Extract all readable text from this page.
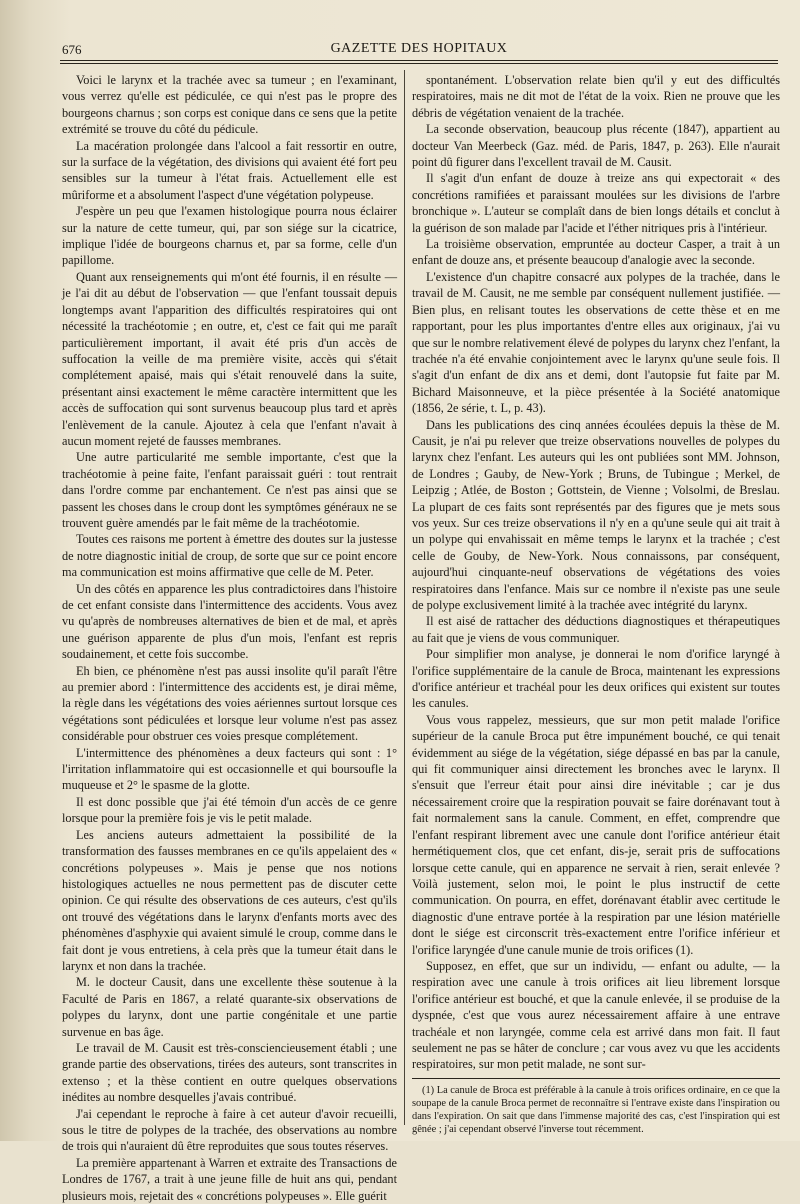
676	GAZETTE DES HOPITAUX

Voici le larynx et la trachée avec sa tumeur ; en l'examinant, vous verrez qu'elle est pédiculée, ce qui n'est pas le propre des bourgeons charnus ; son corps est conique dans ce sens que la petite extrémité se trouve du côté du pédicule.

La macération prolongée dans l'alcool a fait ressortir en outre, sur la surface de la végétation, des divisions qui avaient été fort peu sensibles sur la tumeur à l'état frais. Actuellement elle est mûriforme et a absolument l'aspect d'une végétation polypeuse.

J'espère un peu que l'examen histologique pourra nous éclairer sur la nature de cette tumeur, qui, par son siége sur la cicatrice, implique l'idée de bourgeons charnus et, par sa forme, celle d'un papillome.

Quant aux renseignements qui m'ont été fournis, il en résulte — je l'ai dit au début de l'observation — que l'enfant toussait depuis longtemps avant l'apparition des difficultés respiratoires qui ont nécessité la trachéotomie ; en outre, et, c'est ce fait qui me paraît particulièrement important, il avait été pris d'un accès de suffocation la veille de ma première visite, accès qui s'était complétement apaisé, mais qui s'était renouvelé dans la suite, présentant ainsi exactement le même caractère intermittent que les accès de suffocation qui sont survenus beaucoup plus tard et après l'enlèvement de la canule. Ajoutez à cela que l'enfant n'avait à aucun moment rejeté de fausses membranes.

Une autre particularité me semble importante, c'est que la trachéotomie à peine faite, l'enfant paraissait guéri : tout rentrait dans l'ordre comme par enchantement. Ce n'est pas ainsi que se passent les choses dans le croup dont les symptômes généraux ne se trouvent guère amendés par le fait même de la trachéotomie.

Toutes ces raisons me portent à émettre des doutes sur la justesse de notre diagnostic initial de croup, de sorte que sur ce point encore ma communication est moins affirmative que celle de M. Peter.

Un des côtés en apparence les plus contradictoires dans l'histoire de cet enfant consiste dans l'intermittence des accidents. Vous avez vu qu'après de nombreuses alternatives de bien et de mal, et après une guérison apparente de plus d'un mois, l'enfant est repris soudainement, et cette fois succombe.

Eh bien, ce phénomène n'est pas aussi insolite qu'il paraît l'être au premier abord : l'intermittence des accidents est, je dirai même, la règle dans les végétations des voies aériennes surtout lorsque ces végétations sont pédiculées et lorsque leur volume n'est pas assez considérable pour obstruer ces voies presque complétement.

L'intermittence des phénomènes a deux facteurs qui sont : 1° l'irritation inflammatoire qui est occasionnelle et qui boursoufle la muqueuse et 2° le spasme de la glotte.

Il est donc possible que j'ai été témoin d'un accès de ce genre lorsque pour la première fois je vis le petit malade.

Les anciens auteurs admettaient la possibilité de la transformation des fausses membranes en ce qu'ils appelaient des « concrétions polypeuses ». Mais je pense que nos notions histologiques actuelles ne nous permettent pas de discuter cette opinion. Ce qui résulte des observations de ces auteurs, c'est qu'ils ont trouvé des végétations dans le larynx d'enfants morts avec des phénomènes d'asphyxie qui avaient simulé le croup, comme dans le fait dont je vous entretiens, à cela près que la tumeur était dans le larynx et non dans la trachée.

M. le docteur Causit, dans une excellente thèse soutenue à la Faculté de Paris en 1867, a relaté quarante-six observations de polypes du larynx, dont une partie congénitale et une partie survenue en bas âge.

Le travail de M. Causit est très-consciencieusement établi ; une grande partie des observations, tirées des auteurs, sont transcrites in extenso ; et la thèse contient en outre quelques observations inédites au nombre desquelles j'avais contribué.

J'ai cependant le reproche à faire à cet auteur d'avoir recueilli, sous le titre de polypes de la trachée, des observations au nombre de trois qui n'auraient dû être reproduites que sous toutes réserves.

La première appartenant à Warren et extraite des Transactions de Londres de 1767, a trait à une jeune fille de huit ans qui, pendant plusieurs mois, rejetait des « concrétions polypeuses ». Elle guérit

spontanément. L'observation relate bien qu'il y eut des difficultés respiratoires, mais ne dit mot de l'état de la voix. Rien ne prouve que les débris de végétation venaient de la trachée.

La seconde observation, beaucoup plus récente (1847), appartient au docteur Van Meerbeck (Gaz. méd. de Paris, 1847, p. 263). Elle n'aurait point dû figurer dans l'excellent travail de M. Causit.

Il s'agit d'un enfant de douze à treize ans qui expectorait « des concrétions ramifiées et paraissant moulées sur les divisions de l'arbre bronchique ». L'auteur se complaît dans de bien longs détails et conclut à la guérison de son malade par l'acide et l'éther nitriques pris à l'intérieur.

La troisième observation, empruntée au docteur Casper, a trait à un enfant de douze ans, et présente beaucoup d'analogie avec la seconde.

L'existence d'un chapitre consacré aux polypes de la trachée, dans le travail de M. Causit, ne me semble par conséquent nullement justifiée. — Bien plus, en relisant toutes les observations de cette thèse et en me rapportant, pour les plus importantes d'entre elles aux originaux, j'ai vu que sur le nombre relativement élevé de polypes du larynx chez l'enfant, la trachée n'a été envahie conjointement avec le larynx qu'une seule fois. Il s'agit d'un enfant de dix ans et demi, dont l'autopsie fut faite par M. Bichard Maisonneuve, et la pièce présentée à la Société anatomique (1856, 2e série, t. L, p. 43).

Dans les publications des cinq années écoulées depuis la thèse de M. Causit, je n'ai pu relever que treize observations nouvelles de polypes du larynx chez l'enfant. Les auteurs qui les ont publiées sont MM. Johnson, de Londres ; Gauby, de New-York ; Bruns, de Tubingue ; Merkel, de Leipzig ; Atlée, de Boston ; Gottstein, de Vienne ; Volsolmi, de Breslau. La plupart de ces faits sont représentés par des figures que je mets sous vos yeux. Sur ces treize observations il n'y en a qu'une seule qui ait trait à un polype qui envahissait en même temps le larynx et la trachée ; c'est celle de Gouby, de New-York. Nous connaissons, par conséquent, aujourd'hui cinquante-neuf observations de végétations des voies respiratoires dans l'enfance. Mais sur ce nombre il n'existe pas une seule de polype exclusivement limité à la trachée avec intégrité du larynx.

Il est aisé de rattacher des déductions diagnostiques et thérapeutiques au fait que je viens de vous communiquer.

Pour simplifier mon analyse, je donnerai le nom d'orifice laryngé à l'orifice supplémentaire de la canule de Broca, maintenant les expressions d'orifice antérieur et trachéal pour les deux orifices qui existent sur toutes les canules.

Vous vous rappelez, messieurs, que sur mon petit malade l'orifice supérieur de la canule Broca put être impunément bouché, ce qui tenait évidemment au siége de la végétation, siége dépassé en bas par la canule, qui fit communiquer ainsi directement les bronches avec le larynx. Il s'ensuit que l'erreur était pour ainsi dire inévitable ; car je dus nécessairement croire que la respiration pouvait se faire dorénavant tout à fait normalement sans la canule. Comment, en effet, comprendre que l'enfant respirant librement avec une canule dont l'orifice antérieur était hermétiquement clos, que cet enfant, dis-je, serait pris de suffocations lorsque cette canule, qui en apparence ne servait à rien, serait enlevée ? Voilà justement, selon moi, le point le plus instructif de cette communication. On pourra, en effet, dorénavant établir avec certitude le diagnostic d'une entrave portée à la respiration par une lésion matérielle dont le siége est circonscrit très-exactement entre l'orifice inférieur et l'orifice laryngée d'une canule munie de trois orifices (1).

Supposez, en effet, que sur un individu, — enfant ou adulte, — la respiration avec une canule à trois orifices ait lieu librement lorsque l'orifice antérieur est bouché, et que la canule enlevée, il se produise de la dyspnée, c'est que vous aurez nécessairement affaire à une entrave trachéale et non laryngée, comme cela est arrivé dans mon fait. Il faut seulement ne pas se hâter de conclure ; car vous avez vu que les accidents respiratoires, sur mon petit malade, ne sont sur-

(1) La canule de Broca est préférable à la canule à trois orifices ordinaire, en ce que la soupape de la canule Broca permet de reconnaître si l'entrave existe dans l'inspiration ou dans l'expiration. On sait que dans l'immense majorité des cas, c'est l'inspiration qui est gênée ; j'ai cependant observé l'inverse tout récemment.
